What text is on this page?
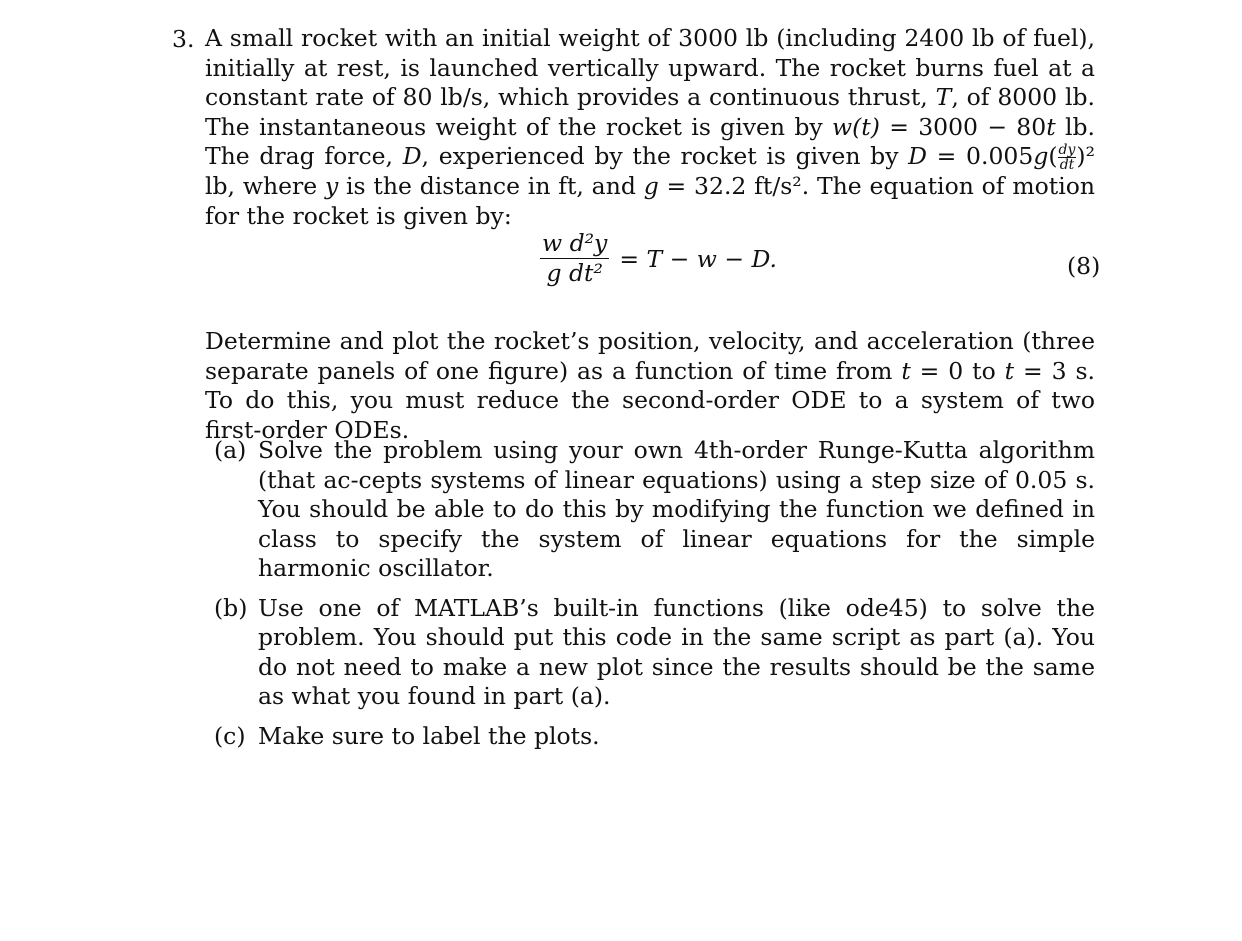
3. A small rocket with an initial weight of 3000 lb (including 2400 lb of fuel), initially at rest, is launched vertically upward. The rocket burns fuel at a constant rate of 80 lb/s, which provides a continuous thrust, T, of 8000 lb. The instantaneous weight of the rocket is given by w(t) = 3000 − 80t lb. The drag force, D, experienced by the rocket is given by $D = 0.005g( \frac{dy}{dt} )^2$ lb, where y is the distance in ft, and g = 32.2 ft/s². The equation of motion for the rocket is given by:
$\frac{\text{w d²y}}{\text{g dt²}} = T - w - D$.	(8)
Determine and plot the rocket’s position, velocity, and acceleration (three separate panels of one figure) as a function of time from t = 0 to t = 3 s. To do this, you must reduce the second-order ODE to a system of two first-order ODEs.
(a) Solve the problem using your own 4th-order Runge-Kutta algorithm (that ac-cepts systems of linear equations) using a step size of 0.05 s. You should be able to do this by modifying the function we defined in class to specify the system of linear equations for the simple harmonic oscillator.
(b) Use one of MATLAB’s built-in functions (like ode45) to solve the problem. You should put this code in the same script as part (a). You do not need to make a new plot since the results should be the same as what you found in part (a).
(c) Make sure to label the plots.
